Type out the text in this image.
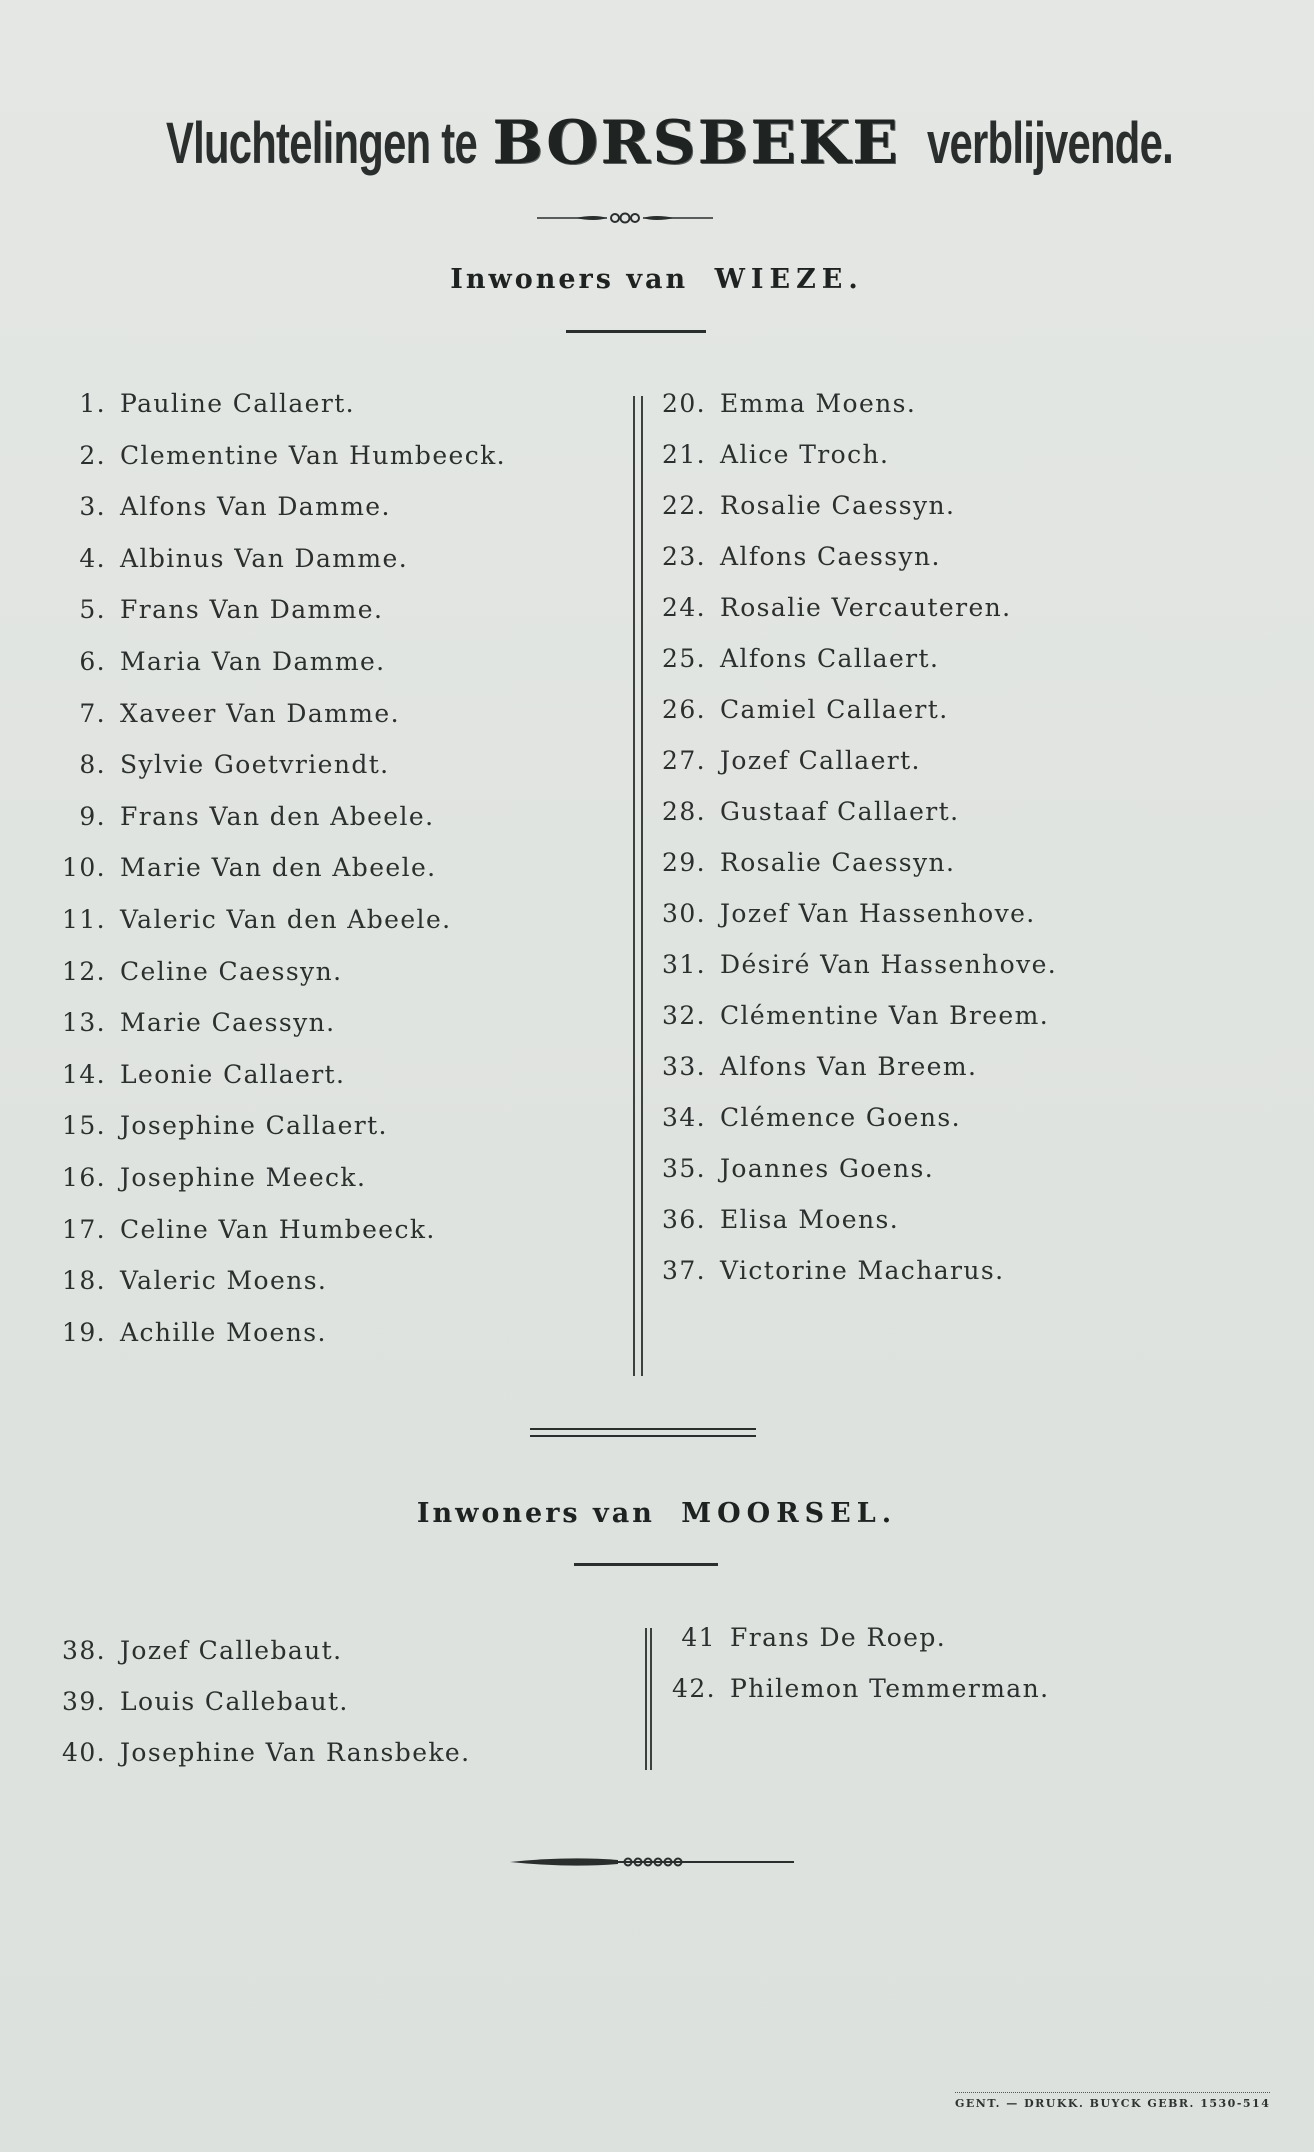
Vluchtelingen te BORSBEKE verblijvende.
Inwoners van WIEZE.
1. Pauline Callaert.
2. Clementine Van Humbeeck.
3. Alfons Van Damme.
4. Albinus Van Damme.
5. Frans Van Damme.
6. Maria Van Damme.
7. Xaveer Van Damme.
8. Sylvie Goetvriendt.
9. Frans Van den Abeele.
10. Marie Van den Abeele.
11. Valeric Van den Abeele.
12. Celine Caessyn.
13. Marie Caessyn.
14. Leonie Callaert.
15. Josephine Callaert.
16. Josephine Meeck.
17. Celine Van Humbeeck.
18. Valeric Moens.
19. Achille Moens.
20. Emma Moens.
21. Alice Troch.
22. Rosalie Caessyn.
23. Alfons Caessyn.
24. Rosalie Vercauteren.
25. Alfons Callaert.
26. Camiel Callaert.
27. Jozef Callaert.
28. Gustaaf Callaert.
29. Rosalie Caessyn.
30. Jozef Van Hassenhove.
31. Désiré Van Hassenhove.
32. Clémentine Van Breem.
33. Alfons Van Breem.
34. Clémence Goens.
35. Joannes Goens.
36. Elisa Moens.
37. Victorine Macharus.
Inwoners van MOORSEL.
38. Jozef Callebaut.
39. Louis Callebaut.
40. Josephine Van Ransbeke.
41 Frans De Roep.
42. Philemon Temmerman.
GENT. — DRUKK. BUYCK GEBR. 1530-514
